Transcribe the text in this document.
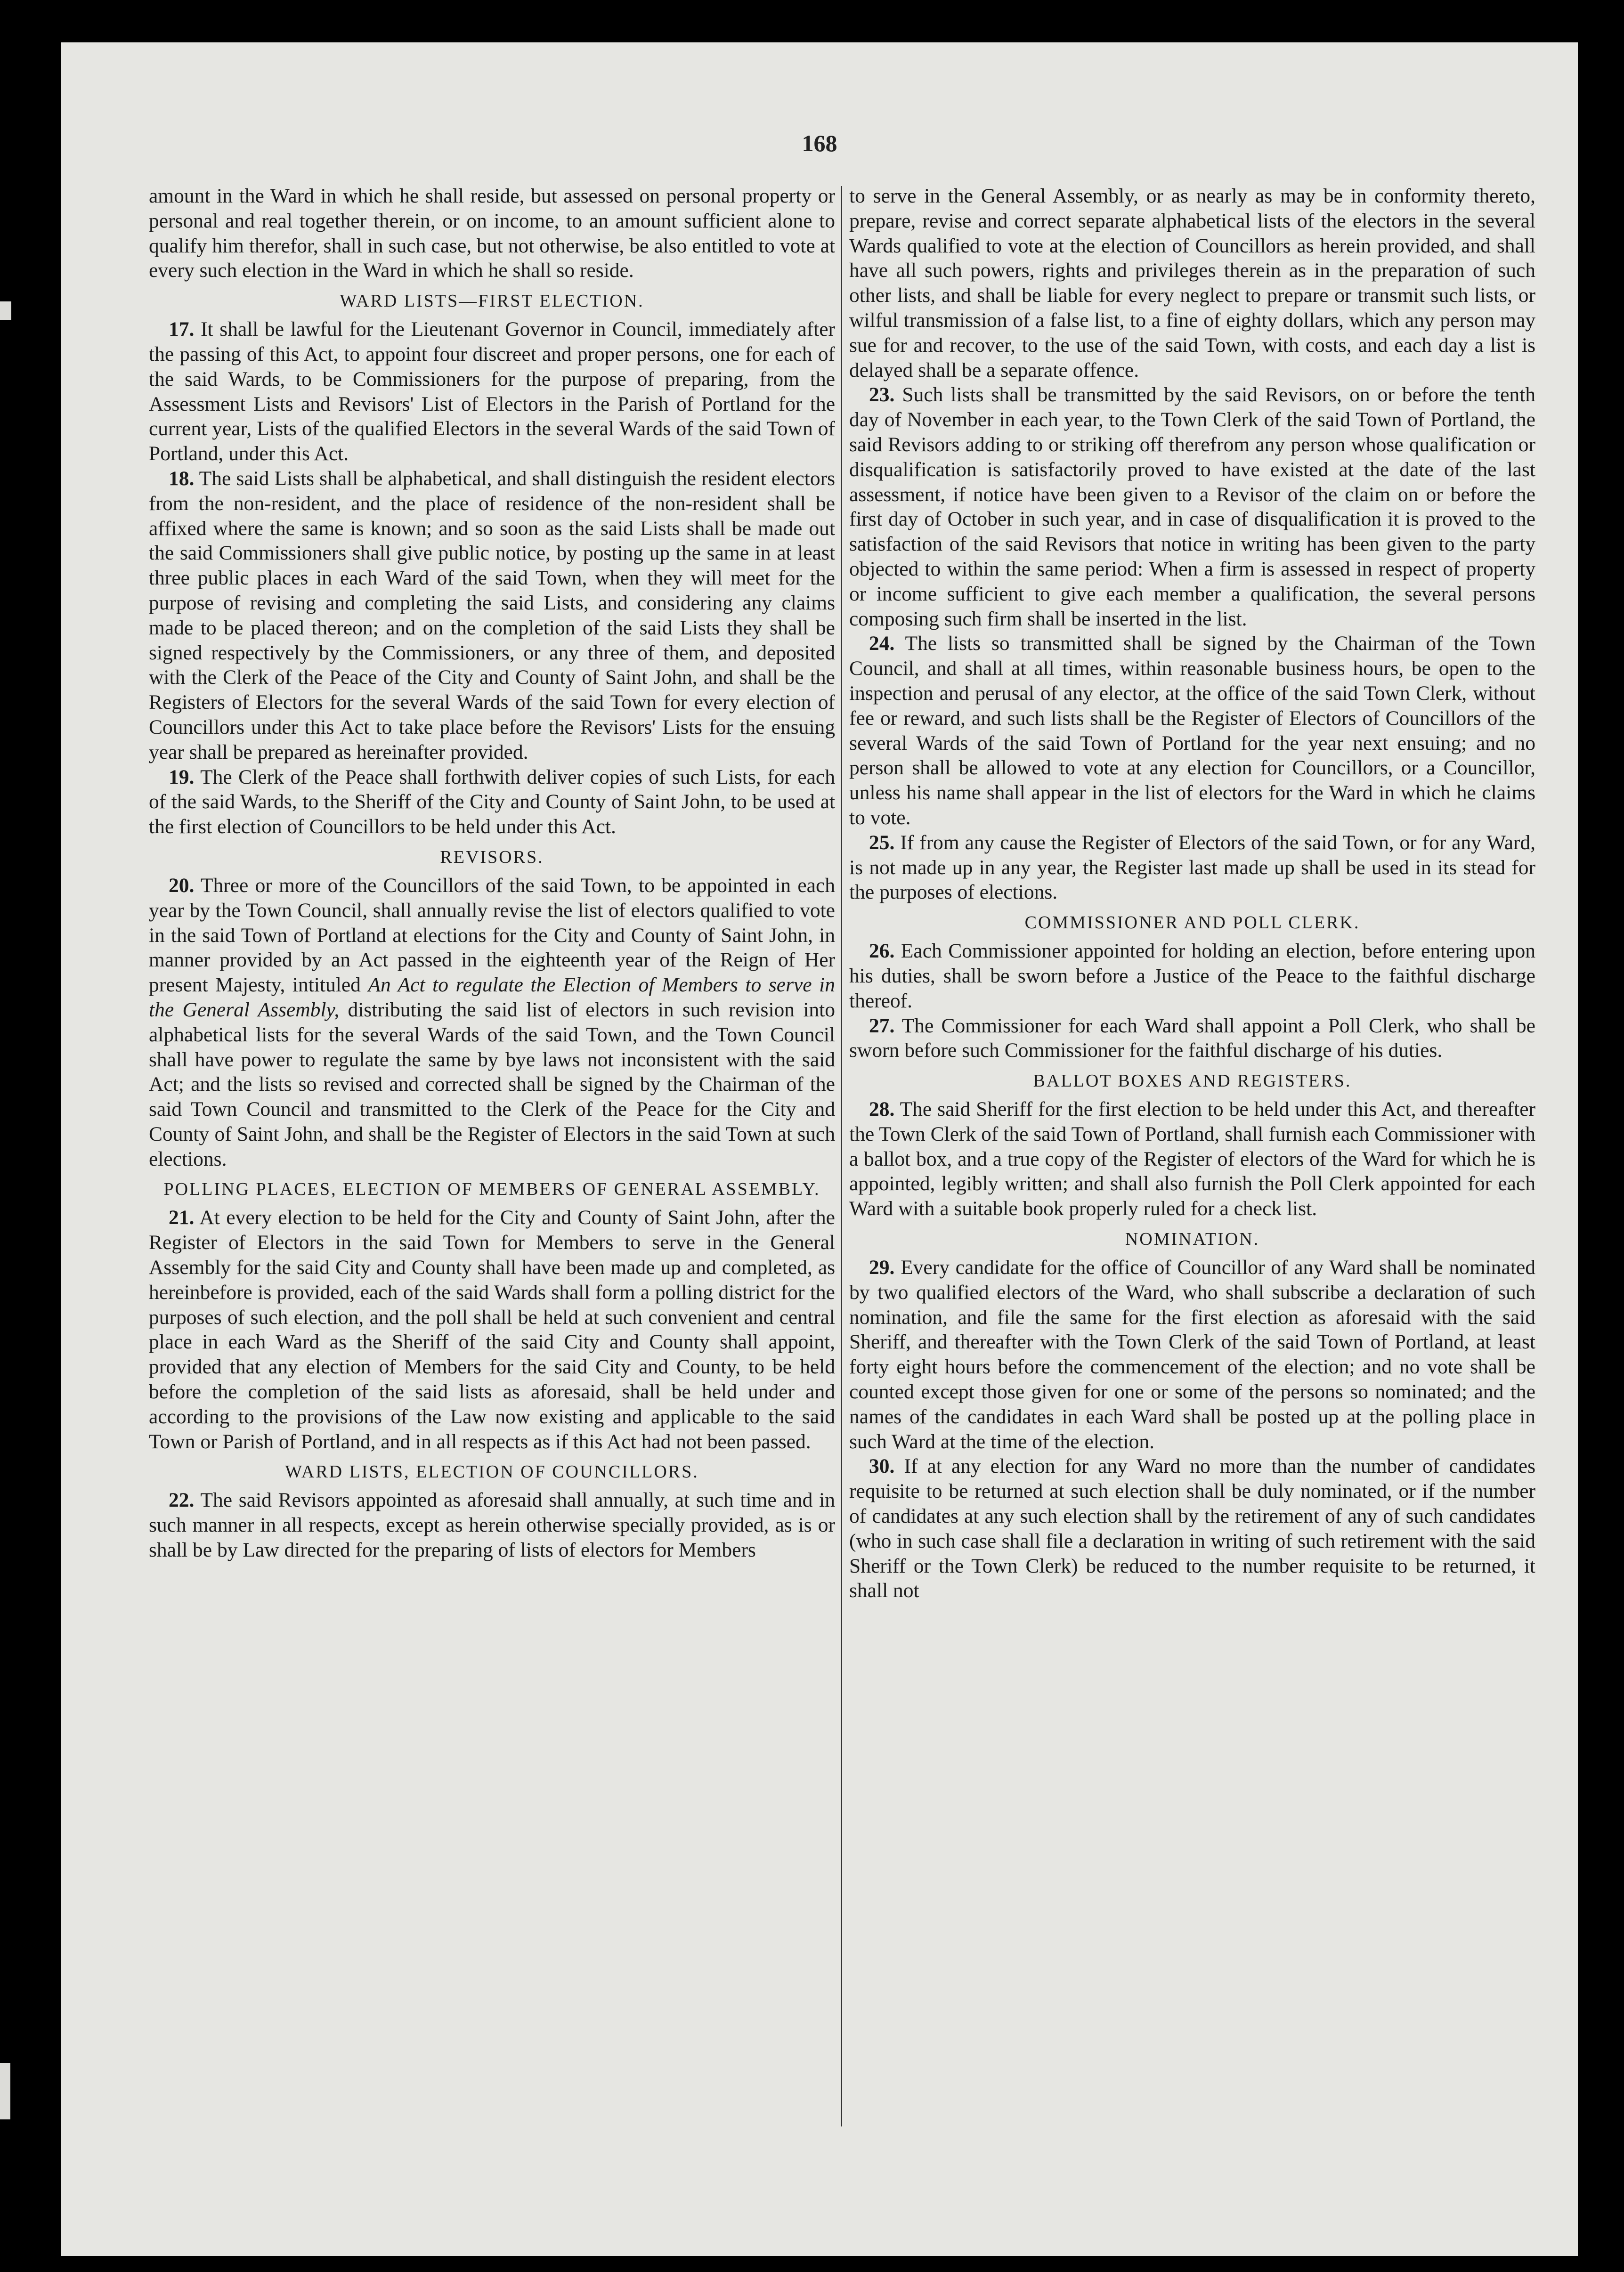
168

amount in the Ward in which he shall reside, but assessed on personal property or personal and real together therein, or on income, to an amount sufficient alone to qualify him therefor, shall in such case, but not otherwise, be also entitled to vote at every such election in the Ward in which he shall so reside.

WARD LISTS—FIRST ELECTION.

17. It shall be lawful for the Lieutenant Governor in Council, immediately after the passing of this Act, to appoint four discreet and proper persons, one for each of the said Wards, to be Commissioners for the purpose of preparing, from the Assessment Lists and Revisors' List of Electors in the Parish of Portland for the current year, Lists of the qualified Electors in the several Wards of the said Town of Portland, under this Act.

18. The said Lists shall be alphabetical, and shall distinguish the resident electors from the non-resident, and the place of residence of the non-resident shall be affixed where the same is known; and so soon as the said Lists shall be made out the said Commissioners shall give public notice, by posting up the same in at least three public places in each Ward of the said Town, when they will meet for the purpose of revising and completing the said Lists, and considering any claims made to be placed thereon; and on the completion of the said Lists they shall be signed respectively by the Commissioners, or any three of them, and deposited with the Clerk of the Peace of the City and County of Saint John, and shall be the Registers of Electors for the several Wards of the said Town for every election of Councillors under this Act to take place before the Revisors' Lists for the ensuing year shall be prepared as hereinafter provided.

19. The Clerk of the Peace shall forthwith deliver copies of such Lists, for each of the said Wards, to the Sheriff of the City and County of Saint John, to be used at the first election of Councillors to be held under this Act.

REVISORS.

20. Three or more of the Councillors of the said Town, to be appointed in each year by the Town Council, shall annually revise the list of electors qualified to vote in the said Town of Portland at elections for the City and County of Saint John, in manner provided by an Act passed in the eighteenth year of the Reign of Her present Majesty, intituled An Act to regulate the Election of Members to serve in the General Assembly, distributing the said list of electors in such revision into alphabetical lists for the several Wards of the said Town, and the Town Council shall have power to regulate the same by bye laws not inconsistent with the said Act; and the lists so revised and corrected shall be signed by the Chairman of the said Town Council and transmitted to the Clerk of the Peace for the City and County of Saint John, and shall be the Register of Electors in the said Town at such elections.

POLLING PLACES, ELECTION OF MEMBERS OF GENERAL ASSEMBLY.

21. At every election to be held for the City and County of Saint John, after the Register of Electors in the said Town for Members to serve in the General Assembly for the said City and County shall have been made up and completed, as hereinbefore is provided, each of the said Wards shall form a polling district for the purposes of such election, and the poll shall be held at such convenient and central place in each Ward as the Sheriff of the said City and County shall appoint, provided that any election of Members for the said City and County, to be held before the completion of the said lists as aforesaid, shall be held under and according to the provisions of the Law now existing and applicable to the said Town or Parish of Portland, and in all respects as if this Act had not been passed.

WARD LISTS, ELECTION OF COUNCILLORS.

22. The said Revisors appointed as aforesaid shall annually, at such time and in such manner in all respects, except as herein otherwise specially provided, as is or shall be by Law directed for the preparing of lists of electors for Members

to serve in the General Assembly, or as nearly as may be in conformity thereto, prepare, revise and correct separate alphabetical lists of the electors in the several Wards qualified to vote at the election of Councillors as herein provided, and shall have all such powers, rights and privileges therein as in the preparation of such other lists, and shall be liable for every neglect to prepare or transmit such lists, or wilful transmission of a false list, to a fine of eighty dollars, which any person may sue for and recover, to the use of the said Town, with costs, and each day a list is delayed shall be a separate offence.

23. Such lists shall be transmitted by the said Revisors, on or before the tenth day of November in each year, to the Town Clerk of the said Town of Portland, the said Revisors adding to or striking off therefrom any person whose qualification or disqualification is satisfactorily proved to have existed at the date of the last assessment, if notice have been given to a Revisor of the claim on or before the first day of October in such year, and in case of disqualification it is proved to the satisfaction of the said Revisors that notice in writing has been given to the party objected to within the same period: When a firm is assessed in respect of property or income sufficient to give each member a qualification, the several persons composing such firm shall be inserted in the list.

24. The lists so transmitted shall be signed by the Chairman of the Town Council, and shall at all times, within reasonable business hours, be open to the inspection and perusal of any elector, at the office of the said Town Clerk, without fee or reward, and such lists shall be the Register of Electors of Councillors of the several Wards of the said Town of Portland for the year next ensuing; and no person shall be allowed to vote at any election for Councillors, or a Councillor, unless his name shall appear in the list of electors for the Ward in which he claims to vote.

25. If from any cause the Register of Electors of the said Town, or for any Ward, is not made up in any year, the Register last made up shall be used in its stead for the purposes of elections.

COMMISSIONER AND POLL CLERK.

26. Each Commissioner appointed for holding an election, before entering upon his duties, shall be sworn before a Justice of the Peace to the faithful discharge thereof.

27. The Commissioner for each Ward shall appoint a Poll Clerk, who shall be sworn before such Commissioner for the faithful discharge of his duties.

BALLOT BOXES AND REGISTERS.

28. The said Sheriff for the first election to be held under this Act, and thereafter the Town Clerk of the said Town of Portland, shall furnish each Commissioner with a ballot box, and a true copy of the Register of electors of the Ward for which he is appointed, legibly written; and shall also furnish the Poll Clerk appointed for each Ward with a suitable book properly ruled for a check list.

NOMINATION.

29. Every candidate for the office of Councillor of any Ward shall be nominated by two qualified electors of the Ward, who shall subscribe a declaration of such nomination, and file the same for the first election as aforesaid with the said Sheriff, and thereafter with the Town Clerk of the said Town of Portland, at least forty eight hours before the commencement of the election; and no vote shall be counted except those given for one or some of the persons so nominated; and the names of the candidates in each Ward shall be posted up at the polling place in such Ward at the time of the election.

30. If at any election for any Ward no more than the number of candidates requisite to be returned at such election shall be duly nominated, or if the number of candidates at any such election shall by the retirement of any of such candidates (who in such case shall file a declaration in writing of such retirement with the said Sheriff or the Town Clerk) be reduced to the number requisite to be returned, it shall not
